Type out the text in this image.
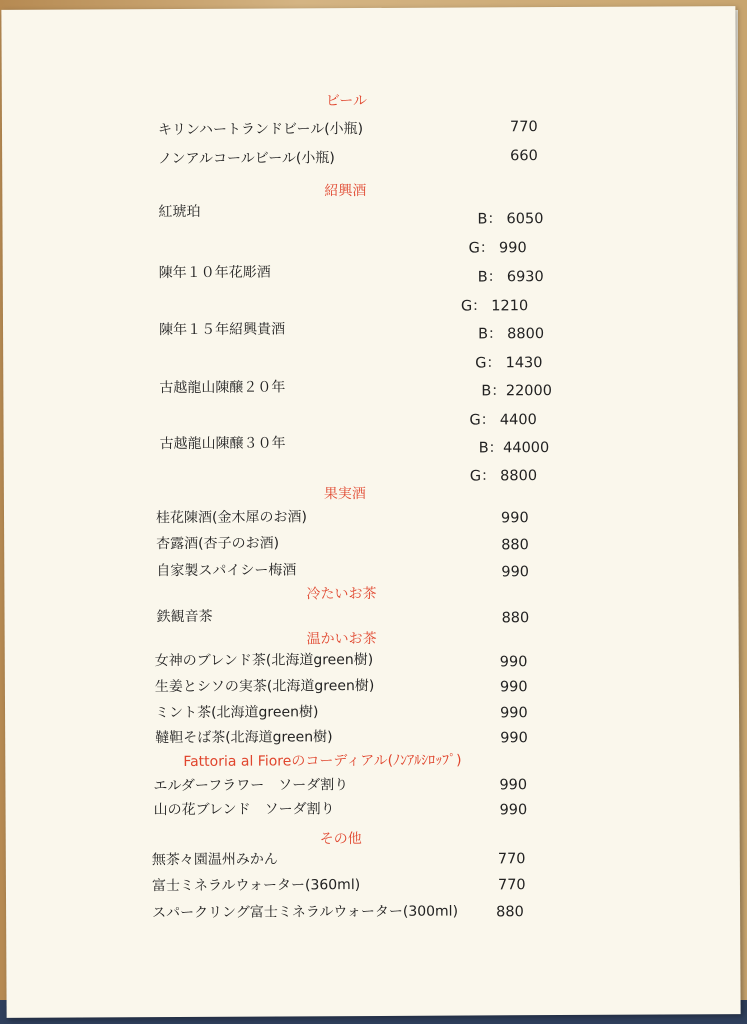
ビール
キリンハートランドビール(小瓶)	770
ノンアルコールビール(小瓶)	660
紹興酒
紅琥珀	B： 6050
G： 990
陳年１０年花彫酒	B： 6930
G： 1210
陳年１５年紹興貴酒	B： 8800
G： 1430
古越龍山陳醸２０年	B：22000
G： 4400
古越龍山陳醸３０年	B：44000
G： 8800
果実酒
桂花陳酒(金木犀のお酒)	990
杏露酒(杏子のお酒)	880
自家製スパイシー梅酒	990
冷たいお茶
鉄観音茶	880
温かいお茶
女神のブレンド茶(北海道green樹)	990
生姜とシソの実茶(北海道green樹)	990
ミント茶(北海道green樹)	990
韃靼そば茶(北海道green樹)	990
Fattoria al Fioreのコーディアル(ﾉﾝｱﾙｼﾛｯﾌﾟ)
エルダーフラワー　ソーダ割り	990
山の花ブレンド　ソーダ割り	990
その他
無茶々園温州みかん	770
富士ミネラルウォーター(360ml)	770
スパークリング富士ミネラルウォーター(300ml)	880
